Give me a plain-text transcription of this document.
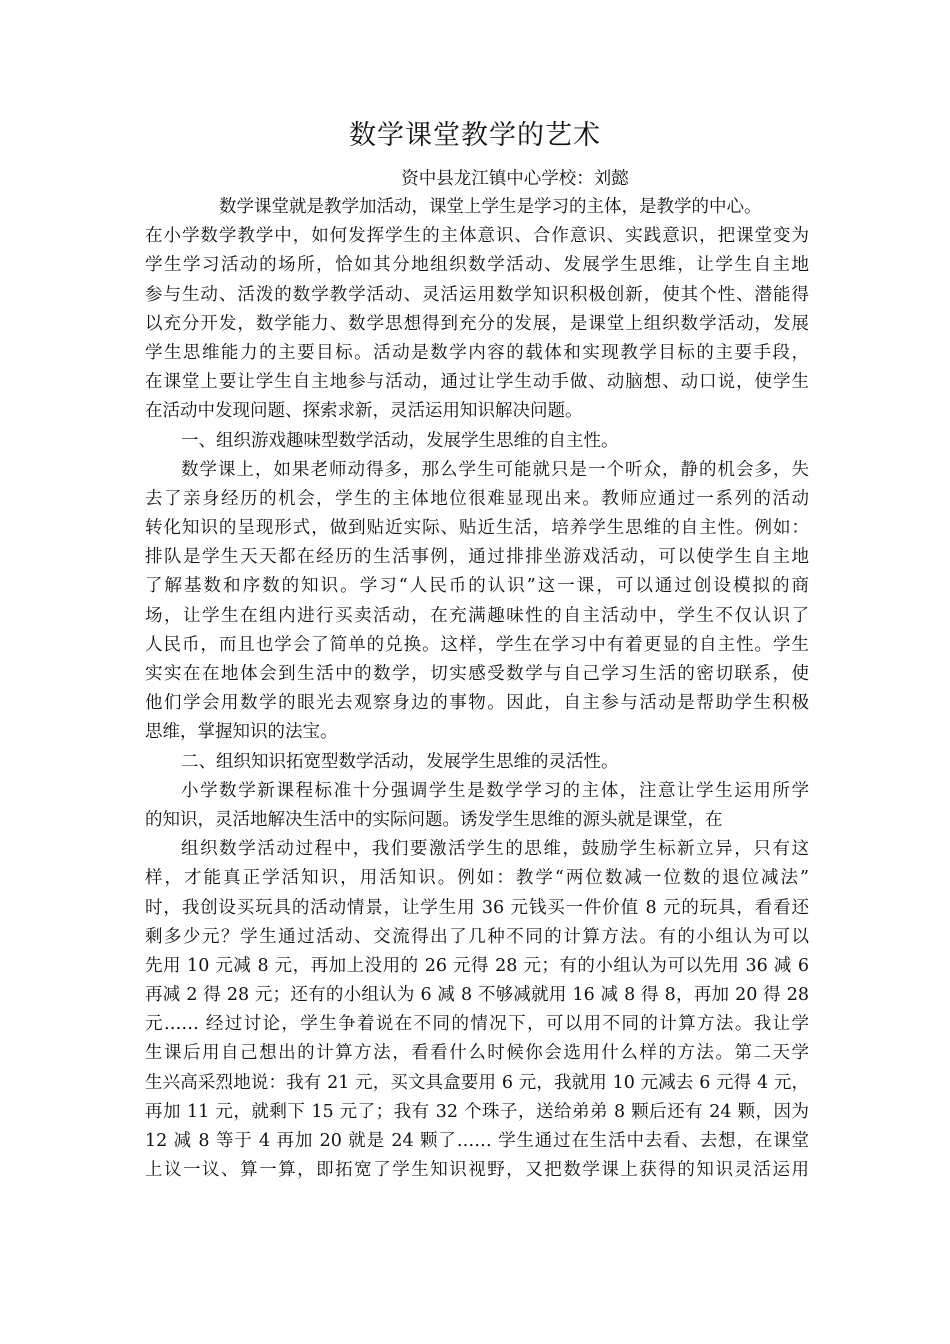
数学课堂教学的艺术
资中县龙江镇中心学校：刘懿
数学课堂就是教学加活动，课堂上学生是学习的主体，是教学的中心。
在小学数学教学中，如何发挥学生的主体意识、合作意识、实践意识，把课堂变为
学生学习活动的场所，恰如其分地组织数学活动、发展学生思维，让学生自主地
参与生动、活泼的数学教学活动、灵活运用数学知识积极创新，使其个性、潜能得
以充分开发，数学能力、数学思想得到充分的发展，是课堂上组织数学活动，发展
学生思维能力的主要目标。活动是数学内容的载体和实现教学目标的主要手段，
在课堂上要让学生自主地参与活动，通过让学生动手做、动脑想、动口说，使学生
在活动中发现问题、探索求新，灵活运用知识解决问题。
一、组织游戏趣味型数学活动，发展学生思维的自主性。
数学课上，如果老师动得多，那么学生可能就只是一个听众，静的机会多，失
去了亲身经历的机会，学生的主体地位很难显现出来。教师应通过一系列的活动
转化知识的呈现形式，做到贴近实际、贴近生活，培养学生思维的自主性。例如：
排队是学生天天都在经历的生活事例，通过排排坐游戏活动，可以使学生自主地
了解基数和序数的知识。学习“人民币的认识”这一课，可以通过创设模拟的商
场，让学生在组内进行买卖活动，在充满趣味性的自主活动中，学生不仅认识了
人民币，而且也学会了简单的兑换。这样，学生在学习中有着更显的自主性。学生
实实在在地体会到生活中的数学，切实感受数学与自己学习生活的密切联系，使
他们学会用数学的眼光去观察身边的事物。因此，自主参与活动是帮助学生积极
思维，掌握知识的法宝。
二、组织知识拓宽型数学活动，发展学生思维的灵活性。
小学数学新课程标准十分强调学生是数学学习的主体，注意让学生运用所学
的知识，灵活地解决生活中的实际问题。诱发学生思维的源头就是课堂，在
组织数学活动过程中，我们要激活学生的思维，鼓励学生标新立异，只有这
样，才能真正学活知识，用活知识。例如：教学“两位数减一位数的退位减法”
时，我创设买玩具的活动情景，让学生用 36 元钱买一件价值 8 元的玩具，看看还
剩多少元？学生通过活动、交流得出了几种不同的计算方法。有的小组认为可以
先用 10 元减 8 元，再加上没用的 26 元得 28 元；有的小组认为可以先用 36 减 6
再减 2 得 28 元；还有的小组认为 6 减 8 不够减就用 16 减 8 得 8，再加 20 得 28
元…… 经过讨论，学生争着说在不同的情况下，可以用不同的计算方法。我让学
生课后用自己想出的计算方法，看看什么时候你会选用什么样的方法。第二天学
生兴高采烈地说：我有 21 元，买文具盒要用 6 元，我就用 10 元减去 6 元得 4 元，
再加 11 元，就剩下 15 元了；我有 32 个珠子，送给弟弟 8 颗后还有 24 颗，因为
12 减 8 等于 4 再加 20 就是 24 颗了…… 学生通过在生活中去看、去想，在课堂
上议一议、算一算，即拓宽了学生知识视野，又把数学课上获得的知识灵活运用
